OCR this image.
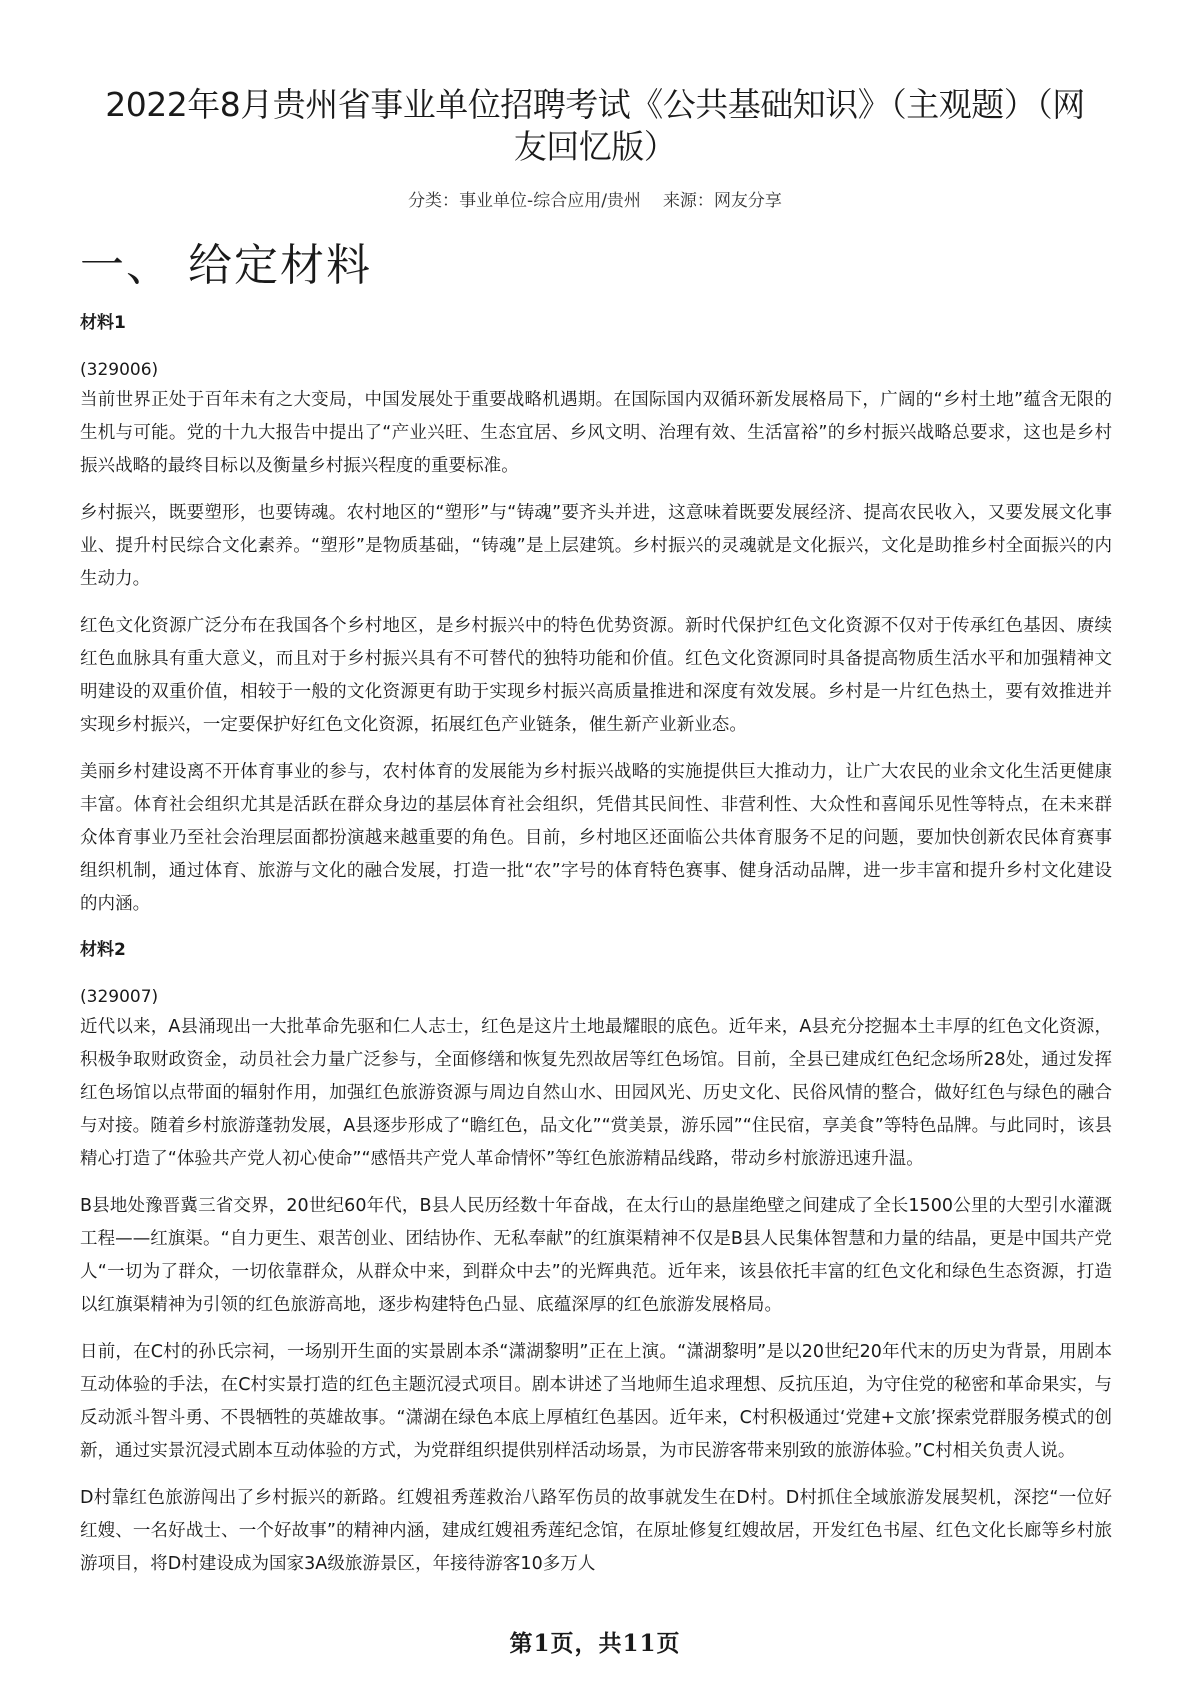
2022年8月贵州省事业单位招聘考试《公共基础知识》（主观题）（网友回忆版）
分类：事业单位-综合应用/贵州 来源：网友分享
一、 给定材料

材料1

(329006)

当前世界正处于百年未有之大变局，中国发展处于重要战略机遇期。在国际国内双循环新发展格局下，广阔的“乡村土地”蕴含无限的生机与可能。党的十九大报告中提出了“产业兴旺、生态宜居、乡风文明、治理有效、生活富裕”的乡村振兴战略总要求，这也是乡村振兴战略的最终目标以及衡量乡村振兴程度的重要标准。

乡村振兴，既要塑形，也要铸魂。农村地区的“塑形”与“铸魂”要齐头并进，这意味着既要发展经济、提高农民收入，又要发展文化事业、提升村民综合文化素养。“塑形”是物质基础，“铸魂”是上层建筑。乡村振兴的灵魂就是文化振兴，文化是助推乡村全面振兴的内生动力。

红色文化资源广泛分布在我国各个乡村地区，是乡村振兴中的特色优势资源。新时代保护红色文化资源不仅对于传承红色基因、赓续红色血脉具有重大意义，而且对于乡村振兴具有不可替代的独特功能和价值。红色文化资源同时具备提高物质生活水平和加强精神文明建设的双重价值，相较于一般的文化资源更有助于实现乡村振兴高质量推进和深度有效发展。乡村是一片红色热土，要有效推进并实现乡村振兴，一定要保护好红色文化资源，拓展红色产业链条，催生新产业新业态。

美丽乡村建设离不开体育事业的参与，农村体育的发展能为乡村振兴战略的实施提供巨大推动力，让广大农民的业余文化生活更健康丰富。体育社会组织尤其是活跃在群众身边的基层体育社会组织，凭借其民间性、非营利性、大众性和喜闻乐见性等特点，在未来群众体育事业乃至社会治理层面都扮演越来越重要的角色。目前，乡村地区还面临公共体育服务不足的问题，要加快创新农民体育赛事组织机制，通过体育、旅游与文化的融合发展，打造一批“农”字号的体育特色赛事、健身活动品牌，进一步丰富和提升乡村文化建设的内涵。

材料2

(329007)

近代以来，A县涌现出一大批革命先驱和仁人志士，红色是这片土地最耀眼的底色。近年来，A县充分挖掘本土丰厚的红色文化资源，积极争取财政资金，动员社会力量广泛参与，全面修缮和恢复先烈故居等红色场馆。目前，全县已建成红色纪念场所28处，通过发挥红色场馆以点带面的辐射作用，加强红色旅游资源与周边自然山水、田园风光、历史文化、民俗风情的整合，做好红色与绿色的融合与对接。随着乡村旅游蓬勃发展，A县逐步形成了“瞻红色，品文化”“赏美景，游乐园”“住民宿，享美食”等特色品牌。与此同时，该县精心打造了“体验共产党人初心使命”“感悟共产党人革命情怀”等红色旅游精品线路，带动乡村旅游迅速升温。

B县地处豫晋冀三省交界，20世纪60年代，B县人民历经数十年奋战，在太行山的悬崖绝壁之间建成了全长1500公里的大型引水灌溉工程——红旗渠。“自力更生、艰苦创业、团结协作、无私奉献”的红旗渠精神不仅是B县人民集体智慧和力量的结晶，更是中国共产党人“一切为了群众，一切依靠群众，从群众中来，到群众中去”的光辉典范。近年来，该县依托丰富的红色文化和绿色生态资源，打造以红旗渠精神为引领的红色旅游高地，逐步构建特色凸显、底蕴深厚的红色旅游发展格局。

日前，在C村的孙氏宗祠，一场别开生面的实景剧本杀“潇湖黎明”正在上演。“潇湖黎明”是以20世纪20年代末的历史为背景，用剧本互动体验的手法，在C村实景打造的红色主题沉浸式项目。剧本讲述了当地师生追求理想、反抗压迫，为守住党的秘密和革命果实，与反动派斗智斗勇、不畏牺牲的英雄故事。“潇湖在绿色本底上厚植红色基因。近年来，C村积极通过‘党建+文旅’探索党群服务模式的创新，通过实景沉浸式剧本互动体验的方式，为党群组织提供别样活动场景，为市民游客带来别致的旅游体验。”C村相关负责人说。

D村靠红色旅游闯出了乡村振兴的新路。红嫂祖秀莲救治八路军伤员的故事就发生在D村。D村抓住全域旅游发展契机，深挖“一位好红嫂、一名好战士、一个好故事”的精神内涵，建成红嫂祖秀莲纪念馆，在原址修复红嫂故居，开发红色书屋、红色文化长廊等乡村旅游项目，将D村建设成为国家3A级旅游景区，年接待游客10多万人

第1页，共11页
